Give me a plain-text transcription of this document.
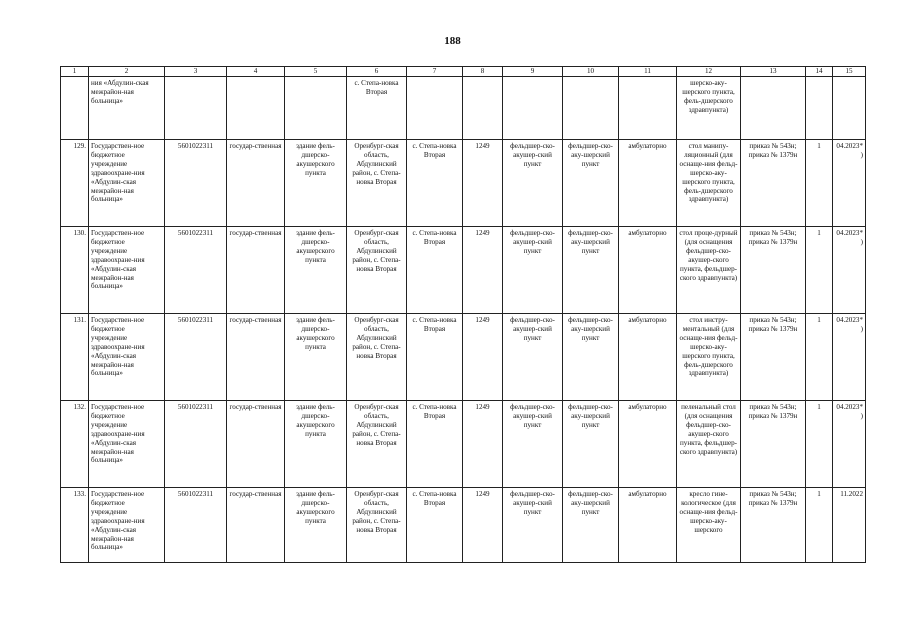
188
1	2	3	4	5	6	7	8	9	10	11	12	13	14	15
	ния «Абдулин-ская межрайон-ная больница»				с. Степа-новка Вторая						шерско-аку-шерского пункта, фель-дшерского здравпункта)			
129.	Государствен-ное бюджетное учреждение здравоохране-ния «Абдулин-ская межрайон-ная больница»	5601022311	государ-ственная	здание фель-дшерско-акушерского пункта	Оренбург-ская область, Абдулинский район, с. Степа-новка Вторая	с. Степа-новка Вторая	1249	фельдшер-ско-акушер-ский пункт	фельдшер-ско-аку-шерский пункт	амбулаторно	стол манипу-ляционный (для оснаще-ния фельд-шерско-аку-шерского пункта, фель-дшерского здравпункта)	приказ № 543н; приказ № 1379н	1	04.2023*)
130.	Государствен-ное бюджетное учреждение здравоохране-ния «Абдулин-ская межрайон-ная больница»	5601022311	государ-ственная	здание фель-дшерско-акушерского пункта	Оренбург-ская область, Абдулинский район, с. Степа-новка Вторая	с. Степа-новка Вторая	1249	фельдшер-ско-акушер-ский пункт	фельдшер-ско-аку-шерский пункт	амбулаторно	стол проце-дурный (для оснащения фельдшер-ско-акушер-ского пункта, фельдшер-ского здравпункта)	приказ № 543н; приказ № 1379н	1	04.2023*)
131.	Государствен-ное бюджетное учреждение здравоохране-ния «Абдулин-ская межрайон-ная больница»	5601022311	государ-ственная	здание фель-дшерско-акушерского пункта	Оренбург-ская область, Абдулинский район, с. Степа-новка Вторая	с. Степа-новка Вторая	1249	фельдшер-ско-акушер-ский пункт	фельдшер-ско-аку-шерский пункт	амбулаторно	стол инстру-ментальный (для оснаще-ния фельд-шерско-аку-шерского пункта, фель-дшерского здравпункта)	приказ № 543н; приказ № 1379н	1	04.2023*)
132.	Государствен-ное бюджетное учреждение здравоохране-ния «Абдулин-ская межрайон-ная больница»	5601022311	государ-ственная	здание фель-дшерско-акушерского пункта	Оренбург-ская область, Абдулинский район, с. Степа-новка Вторая	с. Степа-новка Вторая	1249	фельдшер-ско-акушер-ский пункт	фельдшер-ско-аку-шерский пункт	амбулаторно	пеленальный стол (для оснащения фельдшер-ско-акушер-ского пункта, фельдшер-ского здравпункта)	приказ № 543н; приказ № 1379н	1	04.2023*)
133.	Государствен-ное бюджетное учреждение здравоохране-ния «Абдулин-ская межрайон-ная больница»	5601022311	государ-ственная	здание фель-дшерско-акушерского пункта	Оренбург-ская область, Абдулинский район, с. Степа-новка Вторая	с. Степа-новка Вторая	1249	фельдшер-ско-акушер-ский пункт	фельдшер-ско-аку-шерский пункт	амбулаторно	кресло гине-кологическое (для оснаще-ния фельд-шерско-аку-шерского	приказ № 543н; приказ № 1379н	1	11.2022
